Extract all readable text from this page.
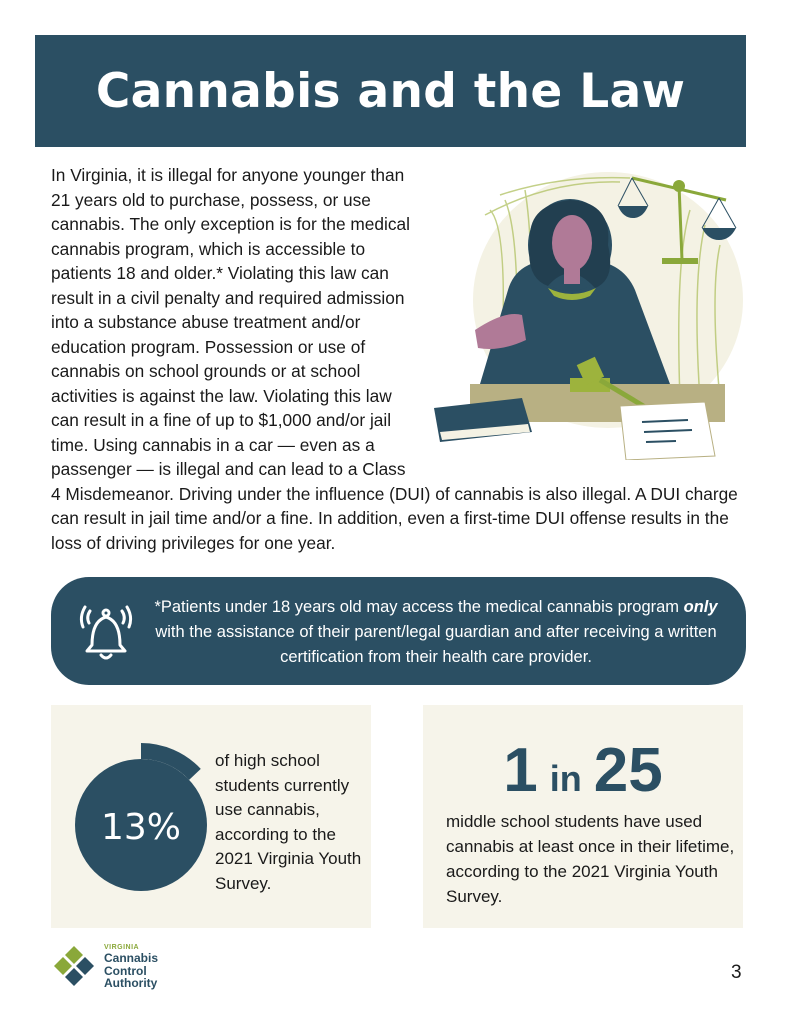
Cannabis and the Law

In Virginia, it is illegal for anyone younger than 21 years old to purchase, possess, or use cannabis. The only exception is for the medical cannabis program, which is accessible to patients 18 and older.* Violating this law can result in a civil penalty and required admission into a substance abuse treatment and/or education program. Possession or use of cannabis on school grounds or at school activities is against the law. Violating this law can result in a fine of up to $1,000 and/or jail time. Using cannabis in a car — even as a passenger — is illegal and can lead to a Class 4 Misdemeanor. Driving under the influence (DUI) of cannabis is also illegal. A DUI charge can result in jail time and/or a fine. In addition, even a first-time DUI offense results in the loss of driving privileges for one year.

*Patients under 18 years old may access the medical cannabis program only with the assistance of their parent/legal guardian and after receiving a written certification from their health care provider.
13%
of high school students currently use cannabis, according to the 2021 Virginia Youth Survey.
1 in 25
middle school students have used cannabis at least once in their lifetime, according to the 2021 Virginia Youth Survey.
VIRGINIA
Cannabis
Control
Authority	3
